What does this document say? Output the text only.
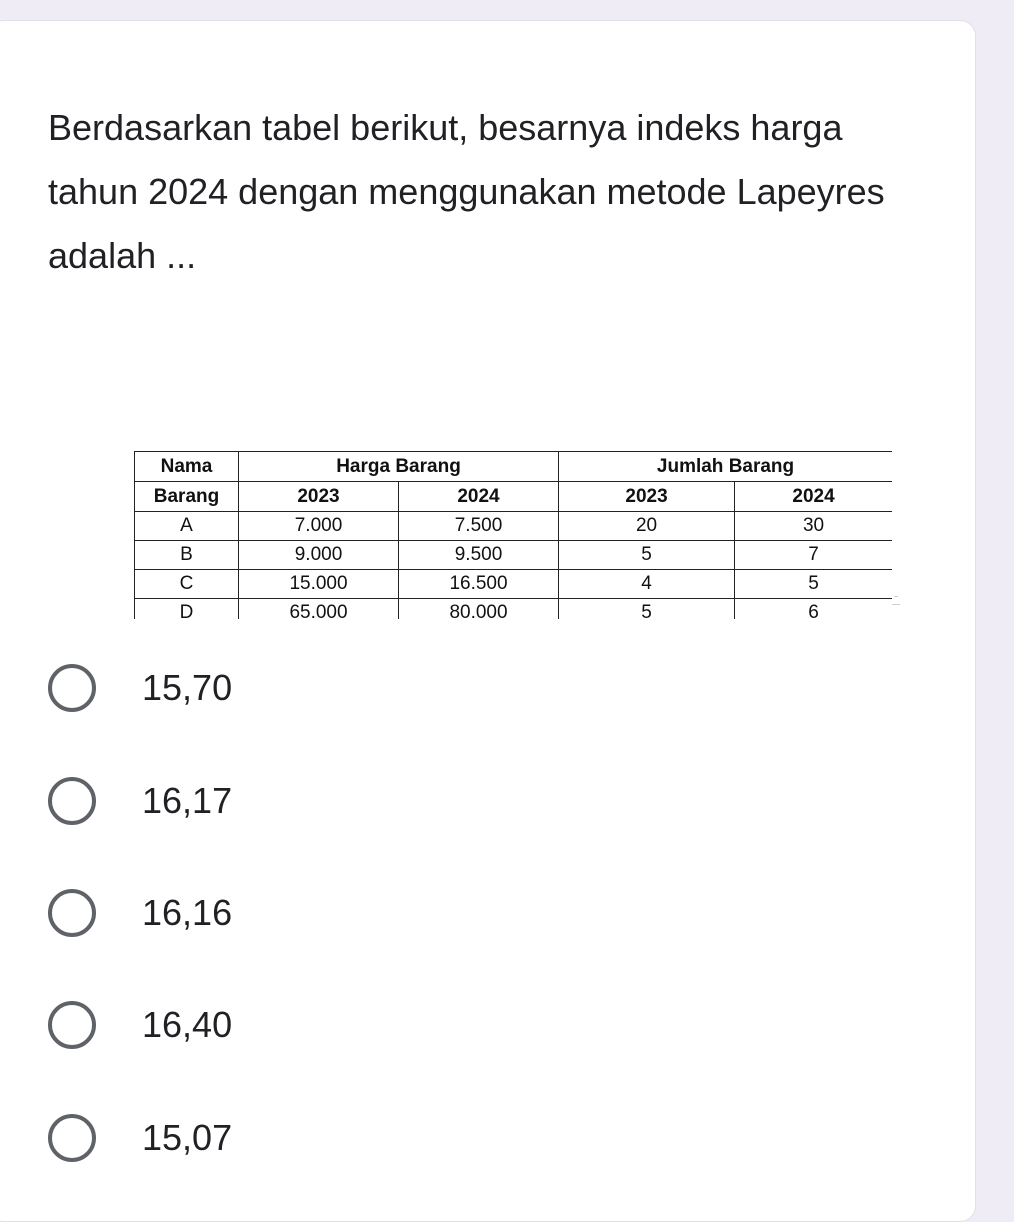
Berdasarkan tabel berikut, besarnya indeks harga tahun 2024 dengan menggunakan metode Lapeyres adalah ...

Nama	Harga Barang		Jumlah Barang	
Barang	2023	2024	2023	2024
A	7.000	7.500	20	30
B	9.000	9.500	5	7
C	15.000	16.500	4	5
D	65.000	80.000	5	6
~
~~
15,70
16,17
16,16
16,40
15,07
